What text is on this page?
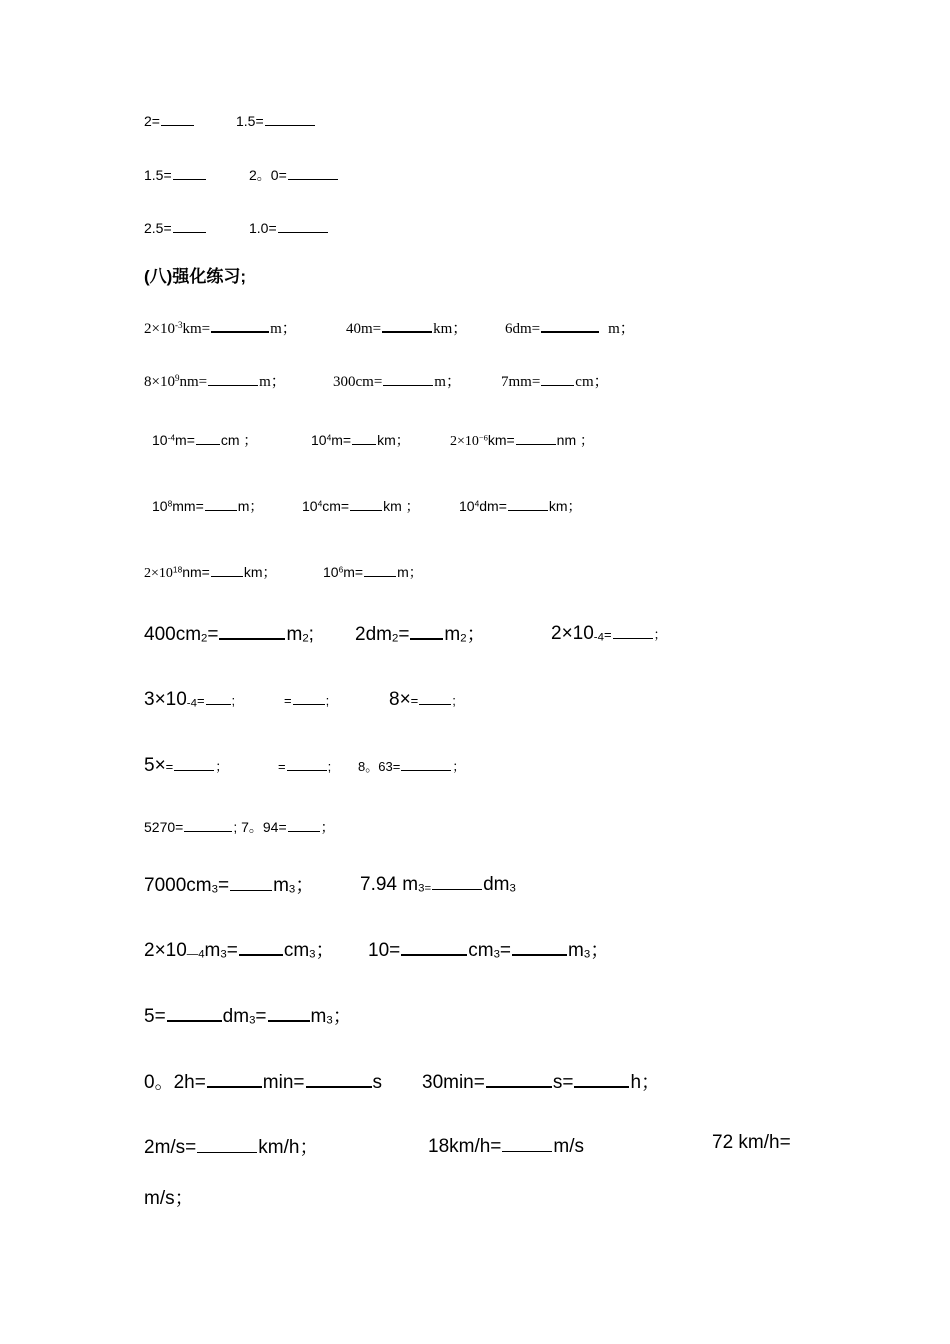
2=	1.5=
1.5=	2。0=
2.5=	1.0=
(八)强化练习;
$2\times 10^{-3}km=$	m；	40m=	km；	6dm=	m；
$8\times 10^9nm=$	m；	300cm=	m；	7mm= cm；
$10^{-4}m=$ cm ；	$10^4m=$ km；	$2\times 10^{-6}km=$	nm ；
$10^8mm= m$；	$10^4cm=$ km ；	$10^4dm=$	km；
$2\times 10^{18}nm=$ km；	$10^6m= m$；
$400cm_2=$	$m_2$; $2dm_2= m_2$；	$2\times 10_{-4}=$	；
$3\times 10_{-4}=$ ;	=	;	8×=	;
5×=	；	=	; 8。63=	；
5270=	; 7。94= ；
$7000cm_3= m_3$； 7.94 $m_{3=}$	$dm_3$
$2\times 10_{—4}m_3= cm_3$； 10=	$cm_3=$	$m_3$；
5=	$dm_3= m_3$；
0。2h=	min=	s 30min=	s=	h；
2m/s=	km/h；	18km/h=	m/s	72 km/h=
m/s；
